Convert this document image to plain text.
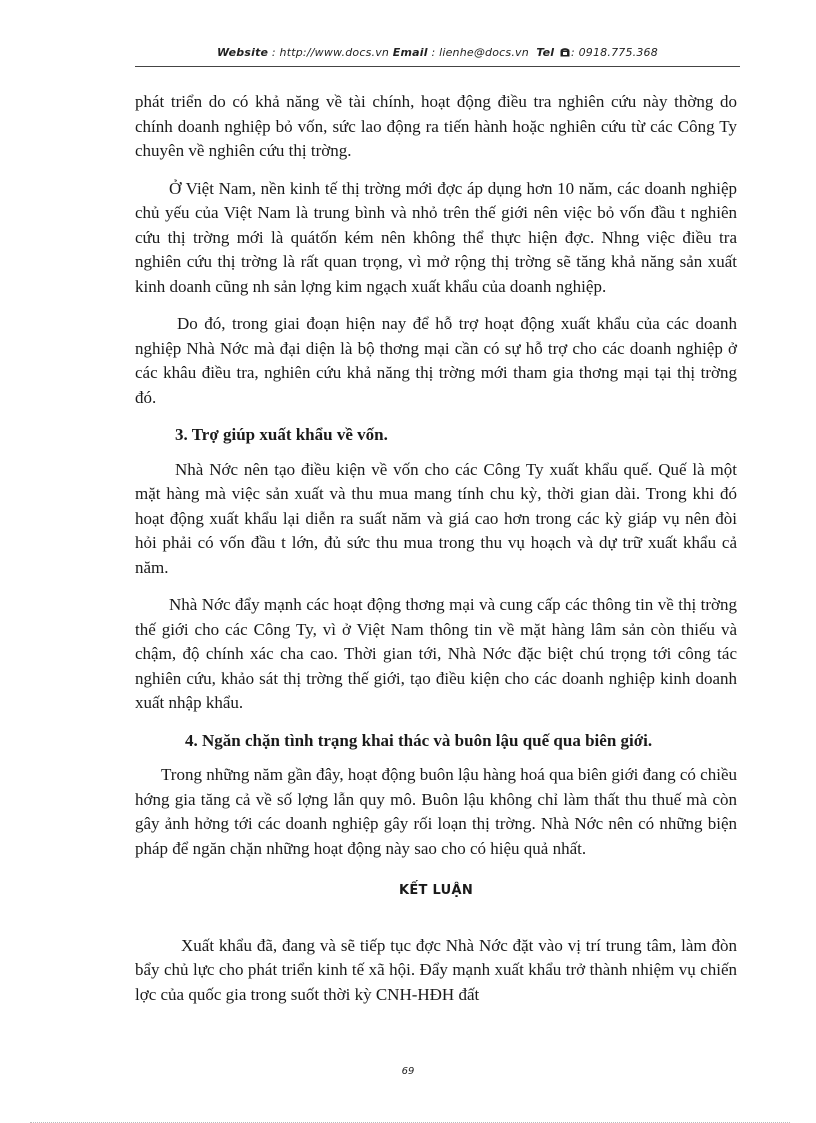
Website : http://www.docs.vn Email : lienhe@docs.vn Tel : 0918.775.368

phát triển do có khả năng về tài chính, hoạt động điều tra nghiên cứu này thờng do chính doanh nghiệp bỏ vốn, sức lao động ra tiến hành hoặc nghiên cứu từ các Công Ty chuyên về nghiên cứu thị trờng.

Ở Việt Nam, nền kinh tế thị trờng mới đợc áp dụng hơn 10 năm, các doanh nghiệp chủ yếu của Việt Nam là trung bình và nhỏ trên thế giới nên việc bỏ vốn đầu t nghiên cứu thị trờng mới là quátốn kém nên không thể thực hiện đợc. Nhng việc điều tra nghiên cứu thị trờng là rất quan trọng, vì mở rộng thị trờng sẽ tăng khả năng sản xuất kinh doanh cũng nh sản lợng kim ngạch xuất khẩu của doanh nghiệp.

Do đó, trong giai đoạn hiện nay để hỗ trợ hoạt động xuất khẩu của các doanh nghiệp Nhà Nớc mà đại diện là bộ thơng mại cần có sự hỗ trợ cho các doanh nghiệp ở các khâu điều tra, nghiên cứu khả năng thị trờng mới tham gia thơng mại tại thị trờng đó.

3. Trợ giúp xuất khẩu về vốn.

Nhà Nớc nên tạo điều kiện về vốn cho các Công Ty xuất khẩu quế. Quế là một mặt hàng mà việc sản xuất và thu mua mang tính chu kỳ, thời gian dài. Trong khi đó hoạt động xuất khẩu lại diễn ra suất năm và giá cao hơn trong các kỳ giáp vụ nên đòi hỏi phải có vốn đầu t lớn, đủ sức thu mua trong thu vụ hoạch và dự trữ xuất khẩu cả năm.

Nhà Nớc đẩy mạnh các hoạt động thơng mại và cung cấp các thông tin về thị trờng thế giới cho các Công Ty, vì ở Việt Nam thông tin về mặt hàng lâm sản còn thiếu và chậm, độ chính xác cha cao. Thời gian tới, Nhà Nớc đặc biệt chú trọng tới công tác nghiên cứu, khảo sát thị trờng thế giới, tạo điều kiện cho các doanh nghiệp kinh doanh xuất nhập khẩu.

4. Ngăn chặn tình trạng khai thác và buôn lậu quế qua biên giới.

Trong những năm gần đây, hoạt động buôn lậu hàng hoá qua biên giới đang có chiều hớng gia tăng cả về số lợng lẫn quy mô. Buôn lậu không chỉ làm thất thu thuế mà còn gây ảnh hởng tới các doanh nghiệp gây rối loạn thị trờng. Nhà Nớc nên có những biện pháp để ngăn chặn những hoạt động này sao cho có hiệu quả nhất.

KẾT LUẬN

Xuất khẩu đã, đang và sẽ tiếp tục đợc Nhà Nớc đặt vào vị trí trung tâm, làm đòn bẩy chủ lực cho phát triển kinh tế xã hội. Đẩy mạnh xuất khẩu trở thành nhiệm vụ chiến lợc của quốc gia trong suốt thời kỳ CNH-HĐH đất

69
